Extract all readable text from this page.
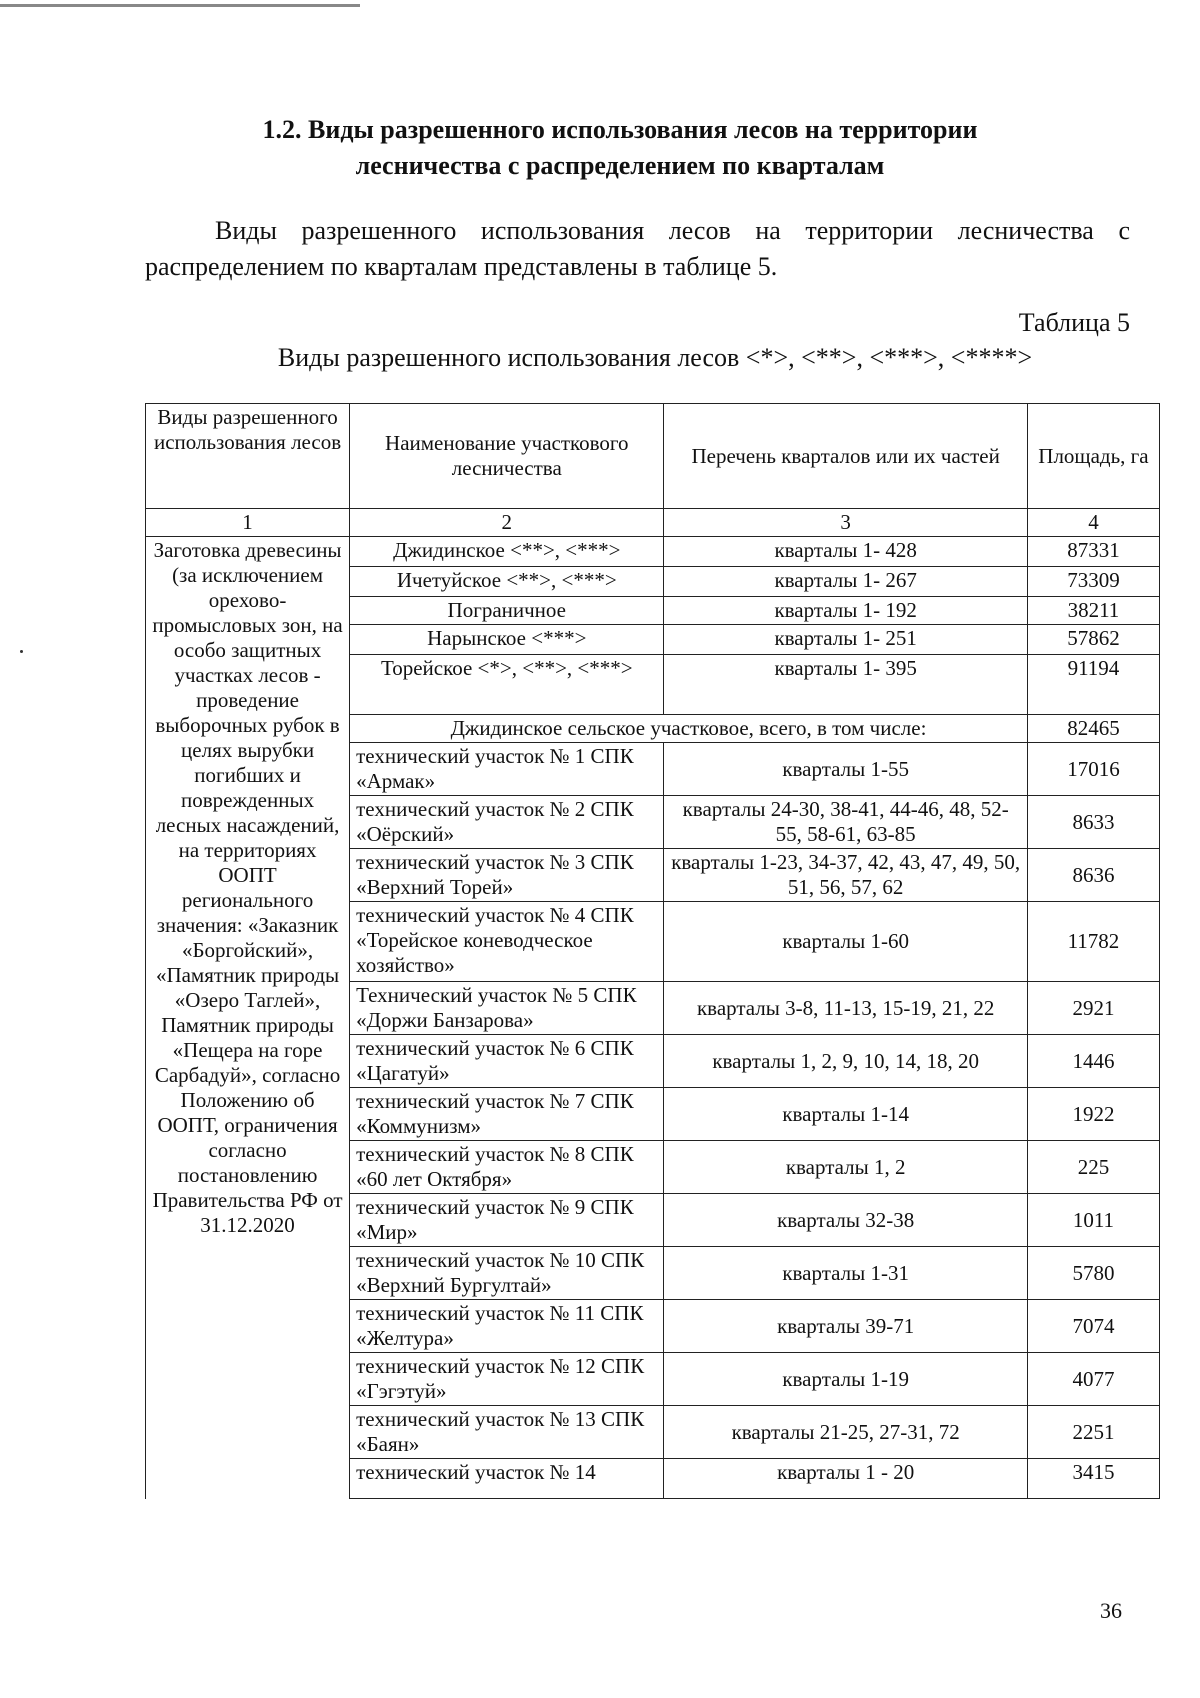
1.2. Виды разрешенного использования лесов на территории
лесничества с распределением по кварталам
Виды разрешенного использования лесов на территории лесничества с распределением по кварталам представлены в таблице 5.
Таблица 5
Виды разрешенного использования лесов <*>, <**>, <***>, <****>
Виды разрешенного использования лесов	Наименование участкового лесничества	Перечень кварталов или их частей	Площадь, га
1	2	3	4
Заготовка древесины (за исключением орехово-промысловых зон, на особо защитных участках лесов - проведение выборочных рубок в целях вырубки погибших и поврежденных лесных насаждений, на территориях ООПТ регионального значения: «Заказник «Боргойский», «Памятник природы «Озеро Таглей», Памятник природы «Пещера на горе Сарбадуй», согласно Положению об ООПТ, ограничения согласно постановлению Правительства РФ от 31.12.2020	Джидинское <**>, <***>	кварталы 1- 428	87331
	Ичетуйское <**>, <***>	кварталы 1- 267	73309
	Пограничное	кварталы 1- 192	38211
	Нарынское <***>	кварталы 1- 251	57862
	Торейское <*>, <**>, <***>	кварталы 1- 395	91194
	Джидинское сельское участковое, всего, в том числе:		82465
	технический участок № 1 СПК «Армак»	кварталы 1-55	17016
	технический участок № 2 СПК «Оёрский»	кварталы 24-30, 38-41, 44-46, 48, 52-55, 58-61, 63-85	8633
	технический участок № 3 СПК «Верхний Торей»	кварталы 1-23, 34-37, 42, 43, 47, 49, 50, 51, 56, 57, 62	8636
	технический участок № 4 СПК «Торейское коневодческое хозяйство»	кварталы 1-60	11782
	Технический участок № 5 СПК «Доржи Банзарова»	кварталы 3-8, 11-13, 15-19, 21, 22	2921
	технический участок № 6 СПК «Цагатуй»	кварталы 1, 2, 9, 10, 14, 18, 20	1446
	технический участок № 7 СПК «Коммунизм»	кварталы 1-14	1922
	технический участок № 8 СПК «60 лет Октября»	кварталы 1, 2	225
	технический участок № 9 СПК «Мир»	кварталы 32-38	1011
	технический участок № 10 СПК «Верхний Бургултай»	кварталы 1-31	5780
	технический участок № 11 СПК «Желтура»	кварталы 39-71	7074
	технический участок № 12 СПК «Гэгэтуй»	кварталы 1-19	4077
	технический участок № 13 СПК «Баян»	кварталы 21-25, 27-31, 72	2251
	технический участок № 14	кварталы 1 - 20	3415
36
